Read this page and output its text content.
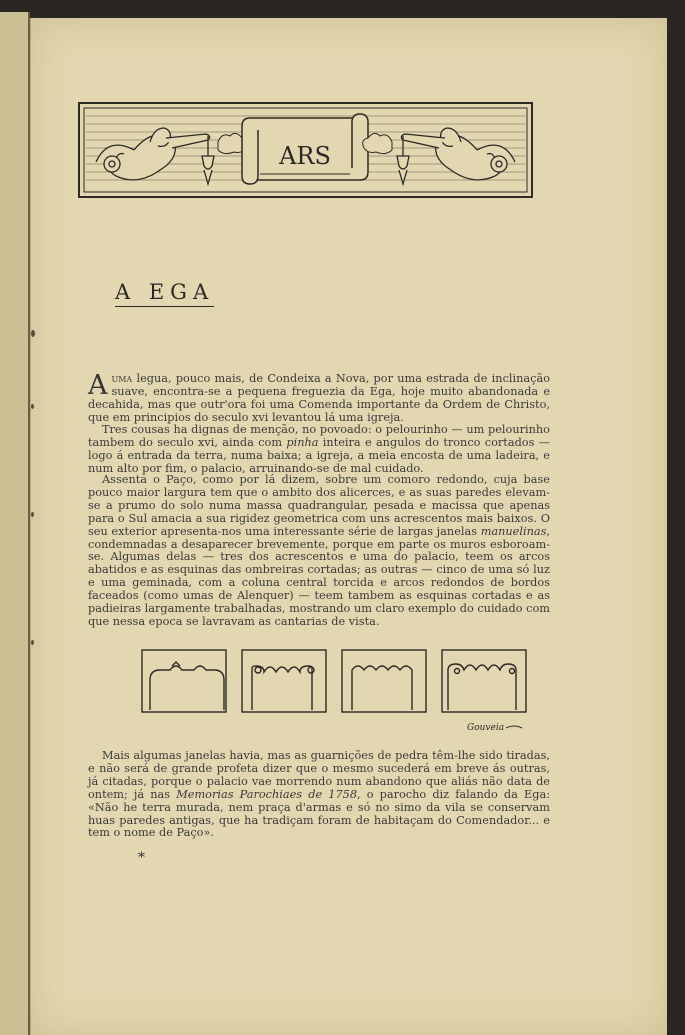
ARS
A EGA

Auma legua, pouco mais, de Condeixa a Nova, por uma estrada de inclinação suave, encontra-se a pequena freguezia da Ega, hoje muito abandonada e decahida, mas que outr'ora foi uma Comenda importante da Ordem de Christo, que em principios do seculo xvi levantou lá uma igreja.

Tres cousas ha dignas de menção, no povoado: o pelourinho — um pelourinho tambem do seculo xvi, ainda com pinha inteira e angulos do tronco cortados — logo á entrada da terra, numa baixa; a igreja, a meia encosta de uma ladeira, e num alto por fim, o palacio, arruinando-se de mal cuidado.

Assenta o Paço, como por lá dizem, sobre um comoro redondo, cuja base pouco maior largura tem que o ambito dos alicerces, e as suas paredes elevam-se a prumo do solo numa massa quadrangular, pesada e macissa que apenas para o Sul amacia a sua rigidez geometrica com uns acrescentos mais baixos. O seu exterior apresenta-nos uma interessante série de largas janelas manuelinas, condemnadas a desaparecer brevemente, porque em parte os muros esboroam-se. Algumas delas — tres dos acrescentos e uma do palacio, teem os arcos abatidos e as esquinas das ombreiras cortadas; as outras — cinco de uma só luz e uma geminada, com a coluna central torcida e arcos redondos de bordos faceados (como umas de Alenquer) — teem tambem as esquinas cortadas e as padieiras largamente trabalhadas, mostrando um claro exemplo do cuidado com que nessa epoca se lavravam as cantarias de vista.

Gouveia

Mais algumas janelas havia, mas as guarnições de pedra têm-lhe sido tiradas, e não será de grande profeta dizer que o mesmo sucederá em breve ás outras, já citadas, porque o palacio vae morrendo num abandono que aliás não data de ontem; já nas Memorias Parochiaes de 1758, o parocho diz falando da Ega: «Não he terra murada, nem praça d'armas e só no simo da vila se conservam huas paredes antigas, que ha tradiçam foram de habitaçam do Comendador... e tem o nome de Paço».

*
